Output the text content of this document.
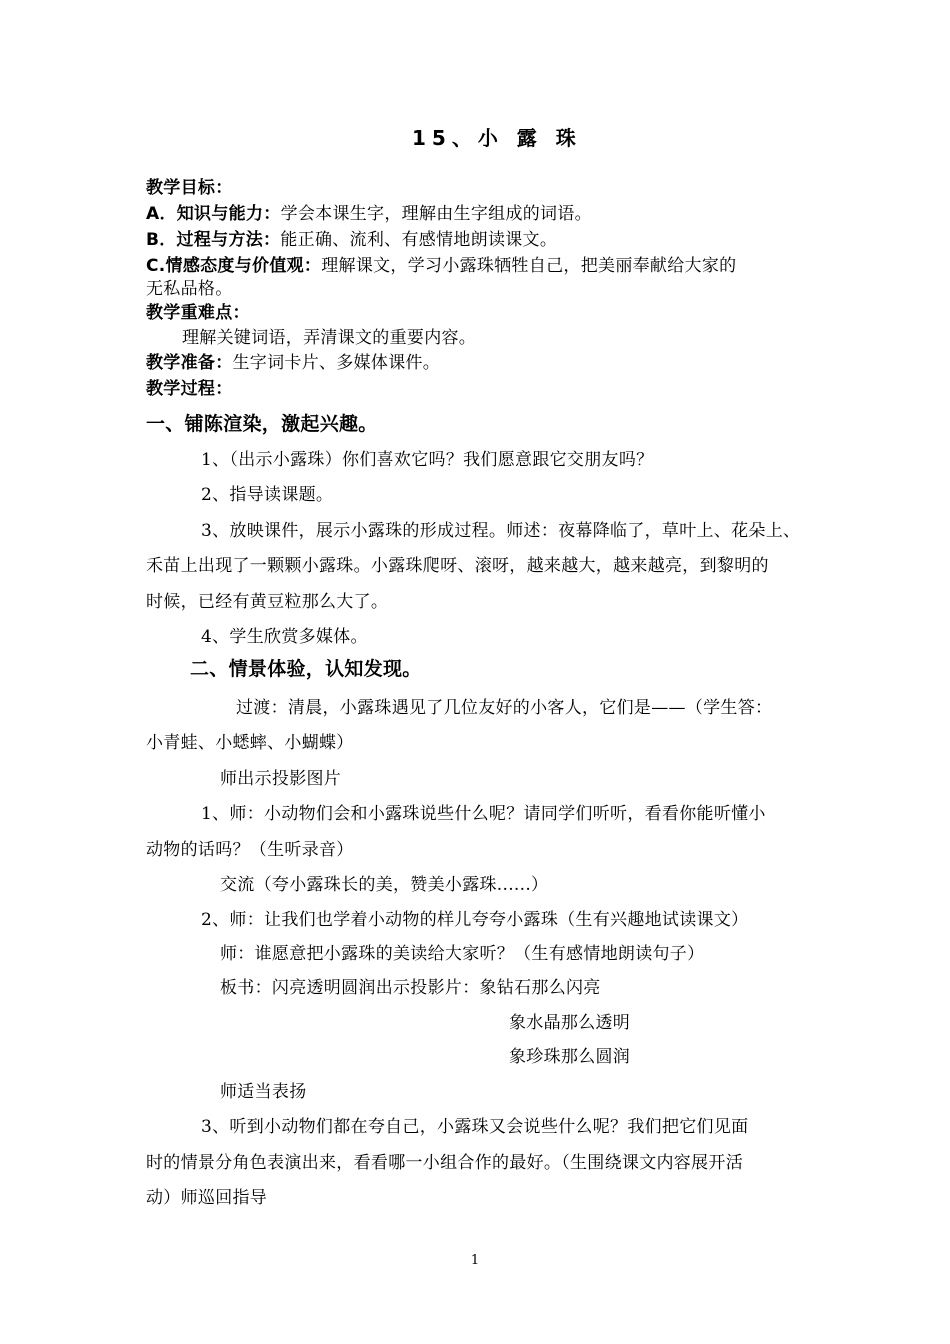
15、小 露 珠
教学目标：
A．知识与能力：学会本课生字，理解由生字组成的词语。
B．过程与方法：能正确、流利、有感情地朗读课文。
C.情感态度与价值观：理解课文，学习小露珠牺牲自己，把美丽奉献给大家的
无私品格。
教学重难点：
理解关键词语，弄清课文的重要内容。
教学准备：生字词卡片、多媒体课件。
教学过程：
一、铺陈渲染，激起兴趣。
1、（出示小露珠）你们喜欢它吗？我们愿意跟它交朋友吗？
2、指导读课题。
3、放映课件，展示小露珠的形成过程。师述：夜幕降临了，草叶上、花朵上、
禾苗上出现了一颗颗小露珠。小露珠爬呀、滚呀，越来越大，越来越亮，到黎明的
时候，已经有黄豆粒那么大了。
4、学生欣赏多媒体。
二、情景体验，认知发现。
过渡：清晨，小露珠遇见了几位友好的小客人，它们是——（学生答：
小青蛙、小蟋蟀、小蝴蝶）
师出示投影图片
1、师：小动物们会和小露珠说些什么呢？请同学们听听，看看你能听懂小
动物的话吗？（生听录音）
交流（夸小露珠长的美，赞美小露珠......）
2、师：让我们也学着小动物的样儿夸夸小露珠（生有兴趣地试读课文）
师：谁愿意把小露珠的美读给大家听？（生有感情地朗读句子）
板书：闪亮透明圆润出示投影片：象钻石那么闪亮
象水晶那么透明
象珍珠那么圆润
师适当表扬
3、听到小动物们都在夸自己，小露珠又会说些什么呢？我们把它们见面
时的情景分角色表演出来，看看哪一小组合作的最好。（生围绕课文内容展开活
动）师巡回指导
1
